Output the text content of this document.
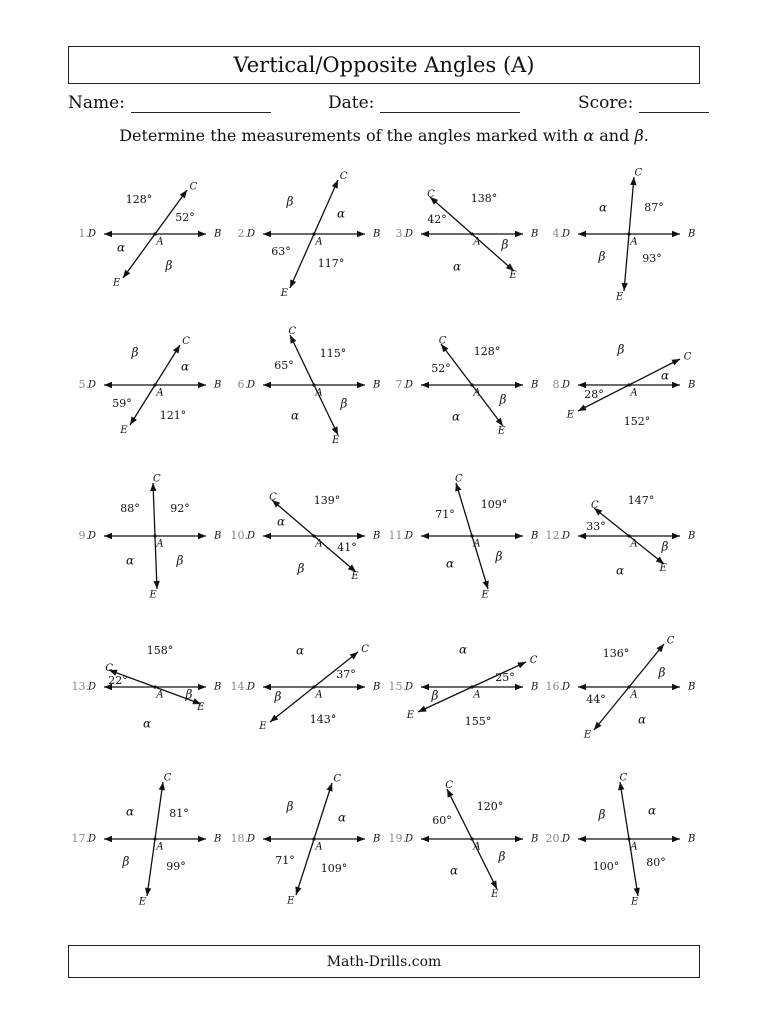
Vertical/Opposite Angles (A)
Name:	Date:	Score:
Determine the measurements of the angles marked with α and β.
1.
A
D	B
C
E
128°
52°
α
β
2.
A
D	B
C
E
β
α
63°
117°
3.
A
D	B
C
E
138°
42°
β
α
4.
A
D	B
C
E
α	87°
β	93°
5.
A
D	B
C
E
β
α
59°
121°
6.
A
D	B
C
E
65°
115°
α
β
7.
A
D	B
C
E
52°
128°
α
β
8.
A
D	B
C
E
β
α
28°
152°
9.
A
D	B
C
E
88°	92°
α	β
10.
A
D	B
C
E
139°
α
41°
β
11.
A
D	B
C
E
71°
109°
α	β
12.
A
D	B
C
E
147°
33°
β
α
13.
A
D	B
C
E
158°
22°
β
α
14.
A
D	B
C
E
α
37°
β
143°
15.
A
D	B
C
E
α
25°
β
155°
16.
A
D	B
C
E
136°
β
44°
α
17.
A
D	B
C
E
α	81°
β	99°
18.
A
D	B
C
E
β
α
71°
109°
19.
A
D	B
C
E
60°
120°
α
β
20.
A
D	B
C
E
β	α
100° 80°
Math-Drills.com
